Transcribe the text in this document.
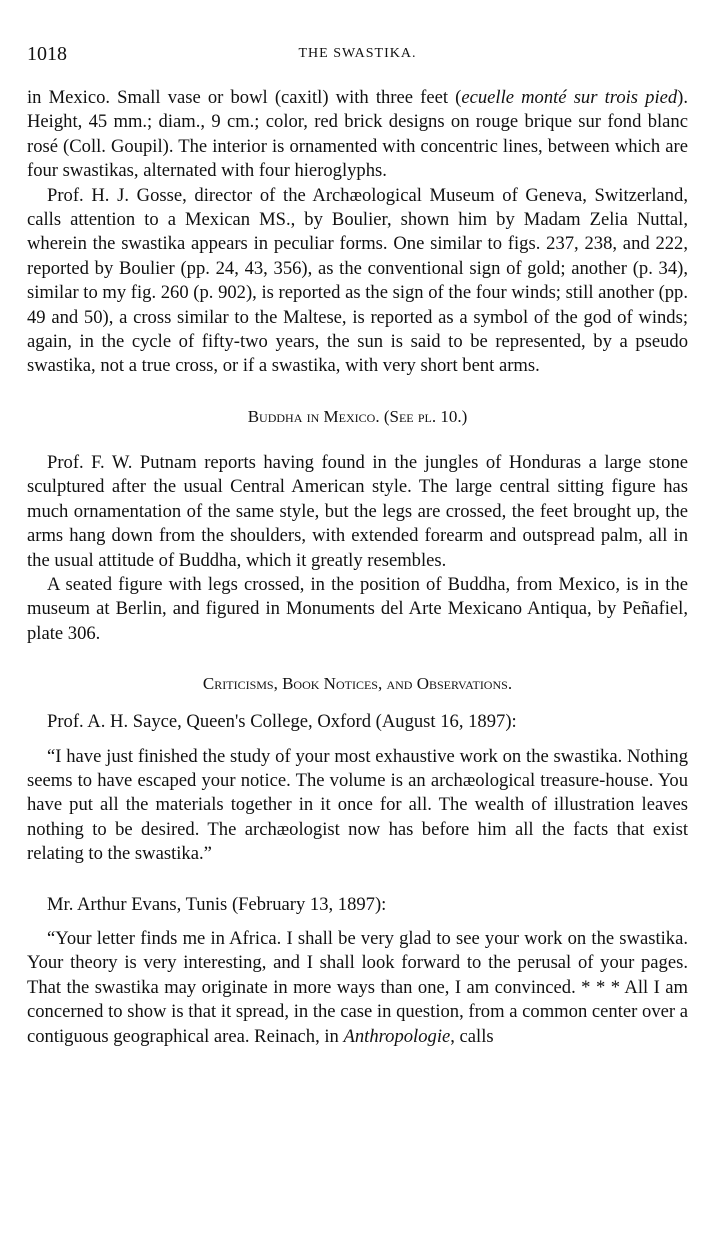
1018	THE SWASTIKA.

in Mexico. Small vase or bowl (caxitl) with three feet (ecuelle monté sur trois pied). Height, 45 mm.; diam., 9 cm.; color, red brick designs on rouge brique sur fond blanc rosé (Coll. Goupil). The interior is ornamented with concentric lines, between which are four swastikas, alternated with four hieroglyphs.

Prof. H. J. Gosse, director of the Archæological Museum of Geneva, Switzerland, calls attention to a Mexican MS., by Boulier, shown him by Madam Zelia Nuttal, wherein the swastika appears in peculiar forms. One similar to figs. 237, 238, and 222, reported by Boulier (pp. 24, 43, 356), as the conventional sign of gold; another (p. 34), similar to my fig. 260 (p. 902), is reported as the sign of the four winds; still another (pp. 49 and 50), a cross similar to the Maltese, is reported as a symbol of the god of winds; again, in the cycle of fifty-two years, the sun is said to be represented, by a pseudo swastika, not a true cross, or if a swastika, with very short bent arms.

Buddha in Mexico. (See pl. 10.)

Prof. F. W. Putnam reports having found in the jungles of Honduras a large stone sculptured after the usual Central American style. The large central sitting figure has much ornamentation of the same style, but the legs are crossed, the feet brought up, the arms hang down from the shoulders, with extended forearm and outspread palm, all in the usual attitude of Buddha, which it greatly resembles.

A seated figure with legs crossed, in the position of Buddha, from Mexico, is in the museum at Berlin, and figured in Monuments del Arte Mexicano Antiqua, by Peñafiel, plate 306.

Criticisms, Book Notices, and Observations.

Prof. A. H. Sayce, Queen's College, Oxford (August 16, 1897):

“I have just finished the study of your most exhaustive work on the swastika. Nothing seems to have escaped your notice. The volume is an archæological treasure-house. You have put all the materials together in it once for all. The wealth of illustration leaves nothing to be desired. The archæologist now has before him all the facts that exist relating to the swastika.”

Mr. Arthur Evans, Tunis (February 13, 1897):

“Your letter finds me in Africa. I shall be very glad to see your work on the swastika. Your theory is very interesting, and I shall look forward to the perusal of your pages. That the swastika may originate in more ways than one, I am convinced. * * * All I am concerned to show is that it spread, in the case in question, from a common center over a contiguous geographical area. Reinach, in Anthropologie, calls
